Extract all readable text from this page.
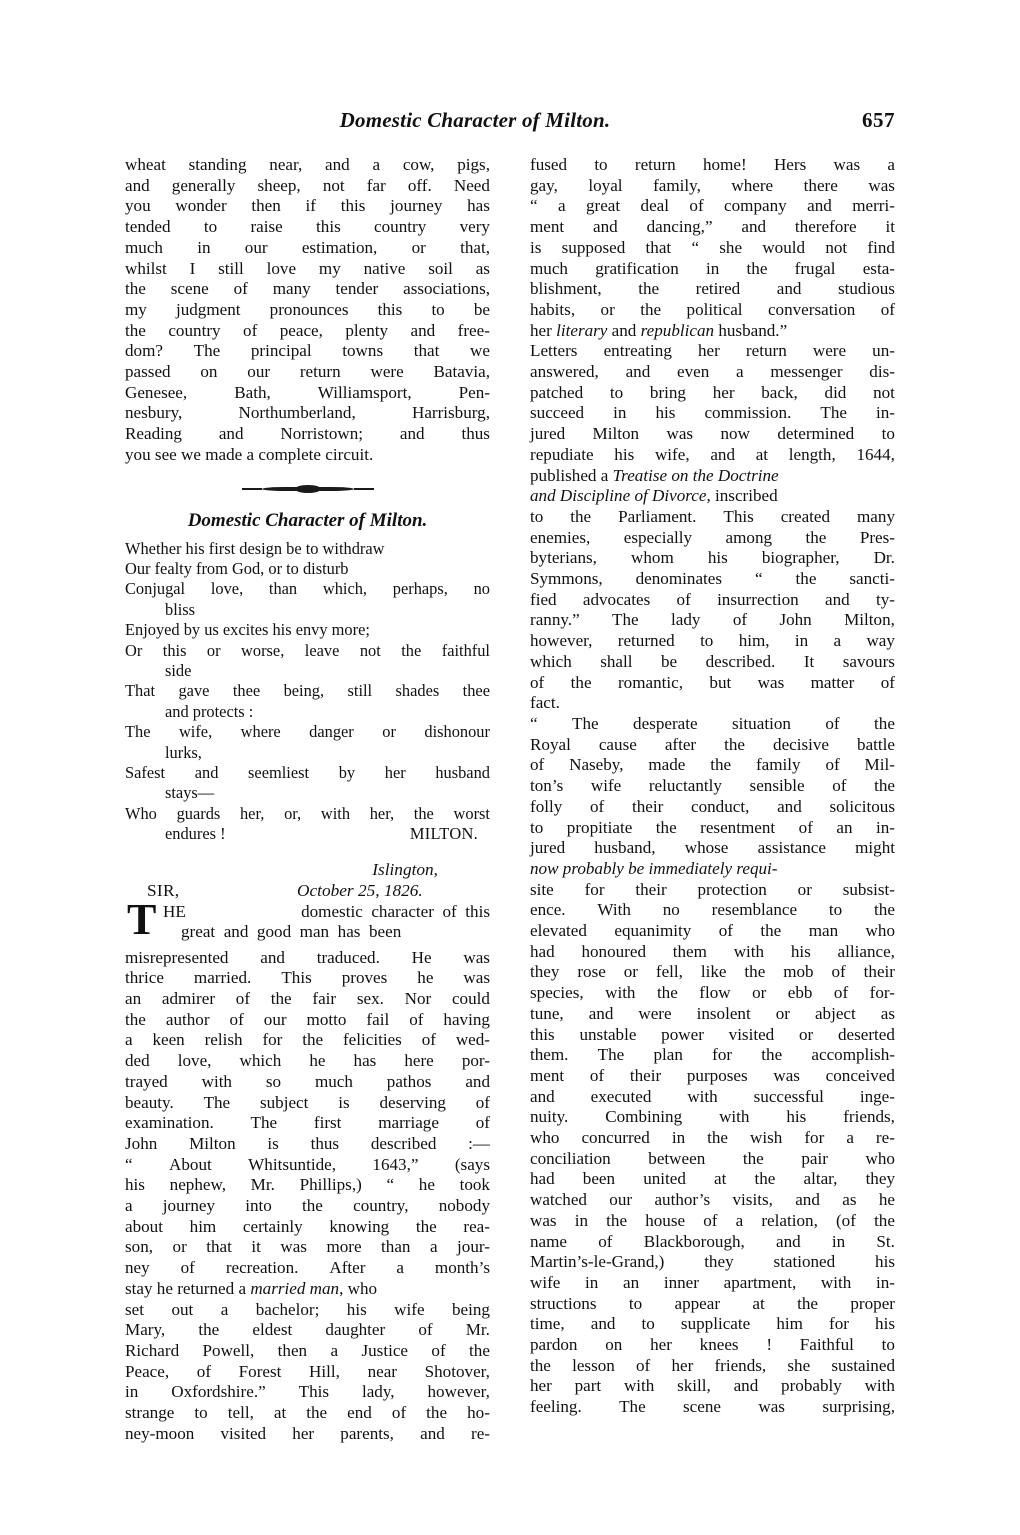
Domestic Character of Milton.	657
wheat standing near, and a cow, pigs,
and generally sheep, not far off. Need
you wonder then if this journey has
tended to raise this country very
much in our estimation, or that,
whilst I still love my native soil as
the scene of many tender associations,
my judgment pronounces this to be
the country of peace, plenty and free-
dom? The principal towns that we
passed on our return were Batavia,
Genesee,	Bath,	Williamsport,	Pen-
nesbury,	Northumberland,	Harrisburg,
Reading and Norristown; and thus
you see we made a complete circuit.
Domestic Character of Milton.
Whether his first design be to withdraw
Our fealty from God, or to disturb
Conjugal love, than which, perhaps, no
bliss
Enjoyed by us excites his envy more;
Or this or worse, leave not the faithful
side
That gave thee being, still shades thee
and protects :
The wife, where danger or dishonour
lurks,
Safest and seemliest by her husband
stays—
Who guards her, or, with her, the worst
endures !	MILTON.
Islington,
SIR,	October 25, 1826.
T HE	domestic  character  of  this
great  and  good  man  has  been
misrepresented and traduced. He was
thrice married. This proves he was
an admirer of the fair sex. Nor could
the author of our motto fail of having
a keen relish for the felicities of wed-
ded love, which he has here por-
trayed with so much pathos and
beauty. The subject is deserving of
examination. The first marriage of
John Milton is thus described :—
“ About Whitsuntide, 1643,” (says
his nephew, Mr. Phillips,) “ he took
a journey into the country, nobody
about him certainly knowing the rea-
son, or that it was more than a jour-
ney of recreation. After a month’s
stay he returned a married man, who
set out a bachelor; his wife being
Mary, the eldest daughter of Mr.
Richard Powell, then a Justice of the
Peace, of Forest Hill, near Shotover,
in Oxfordshire.” This lady, however,
strange to tell, at the end of the ho-
ney-moon visited her parents, and re-
fused to return home! Hers was a
gay, loyal family, where there was
“ a great deal of company and merri-
ment and dancing,” and therefore it
is supposed that “ she would not find
much gratification in the frugal esta-
blishment, the retired and studious
habits, or the political conversation of
her literary and republican husband.”
Letters entreating her return were un-
answered, and even a messenger dis-
patched to bring her back, did not
succeed in his commission. The in-
jured Milton was now determined to
repudiate his wife, and at length, 1644,
published a Treatise on the Doctrine
and Discipline of Divorce, inscribed
to the Parliament. This created many
enemies, especially among the Pres-
byterians, whom his biographer, Dr.
Symmons, denominates “ the sancti-
fied advocates of insurrection and ty-
ranny.” The lady of John Milton,
however, returned to him, in a way
which shall be described. It savours
of the romantic, but was matter of
fact.
“ The desperate situation of the
Royal cause after the decisive battle
of Naseby, made the family of Mil-
ton’s wife reluctantly sensible of the
folly of their conduct, and solicitous
to propitiate the resentment of an in-
jured husband, whose assistance might
now probably be immediately requi-
site for their protection or subsist-
ence. With no resemblance to the
elevated equanimity of the man who
had honoured them with his alliance,
they rose or fell, like the mob of their
species, with the flow or ebb of for-
tune, and were insolent or abject as
this unstable power visited or deserted
them. The plan for the accomplish-
ment of their purposes was conceived
and executed with successful inge-
nuity. Combining with his friends,
who concurred in the wish for a re-
conciliation between the pair who
had been united at the altar, they
watched our author’s visits, and as he
was in the house of a relation, (of the
name of Blackborough, and in St.
Martin’s-le-Grand,) they stationed his
wife in an inner apartment, with in-
structions to appear at the proper
time, and to supplicate him for his
pardon on her knees ! Faithful to
the lesson of her friends, she sustained
her part with skill, and probably with
feeling. The scene was surprising,
